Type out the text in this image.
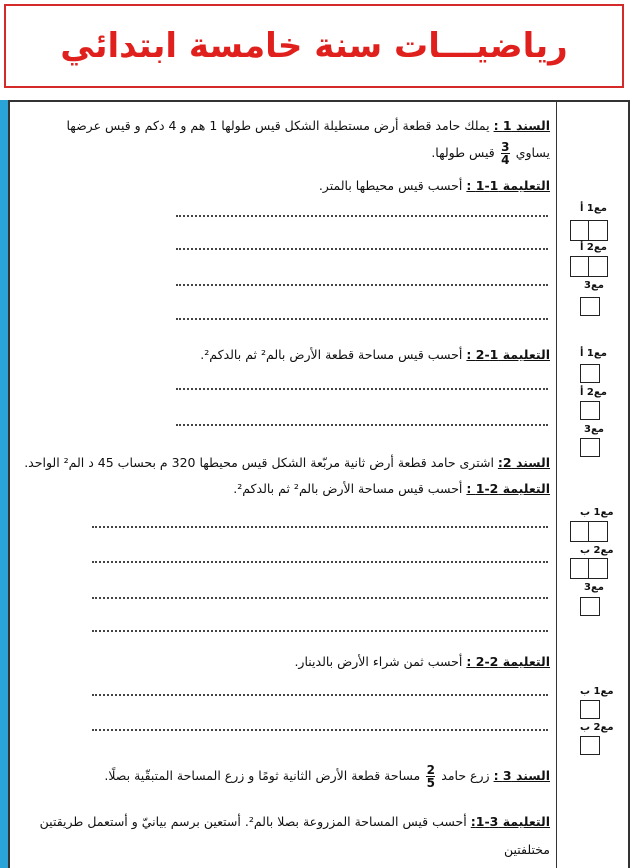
رياضيـــات سنة خامسة ابتدائي
السند 1 : يملك حامد قطعة أرض مستطيلة الشكل قيس طولها 1 هم و 4 دكم و قيس عرضها
يساوي
$\frac{3}{4}$
قيس طولها.
التعليمة 1-1 : أحسب قيس محيطها بالمتر.
التعليمة 1-2 : أحسب قيس مساحة قطعة الأرض بالم² ثم بالدكم².
السند 2: اشترى حامد قطعة أرض ثانية مربّعة الشكل قيس محيطها 320 م بحساب 45 د الم² الواحد.
التعليمة 2-1 : أحسب قيس مساحة الأرض بالم² ثم بالدكم².
التعليمة 2-2 : أحسب ثمن شراء الأرض بالدينار.
السند 3 : زرع حامد
$\frac{2}{5}$
مساحة قطعة الأرض الثانية ثومًا و زرع المساحة المتبقّية بصلًا.
التعليمة 3-1: أحسب قيس المساحة المزروعة بصلا بالم². أستعين برسم بيانيّ و أستعمل طريقتين
مختلفتين
مع1 أ
مع2 أ
مع3
مع1 أ
مع2 أ
مع3
مع1 ب
مع2 ب
مع3
مع1 ب
مع2 ب
